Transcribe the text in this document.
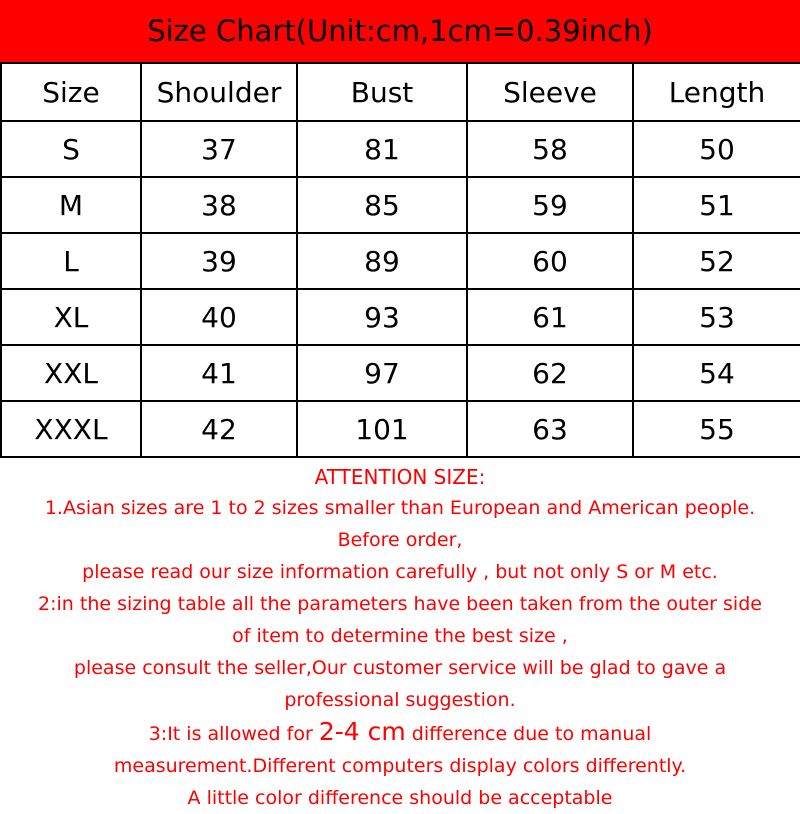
Size Chart(Unit:cm,1cm=0.39inch)
Size	Shoulder	Bust	Sleeve	Length
S	37	81	58	50
M	38	85	59	51
L	39	89	60	52
XL	40	93	61	53
XXL	41	97	62	54
XXXL	42	101	63	55
ATTENTION SIZE:
1.Asian sizes are 1 to 2 sizes smaller than European and American people.
Before order,
please read our size information carefully , but not only S or M etc.
2:in the sizing table all the parameters have been taken from the outer side
of item to determine the best size ,
please consult the seller,Our customer service will be glad to gave a
professional suggestion.
3:It is allowed for 2-4 cm difference due to manual
measurement.Different computers display colors differently.
A little color difference should be acceptable
